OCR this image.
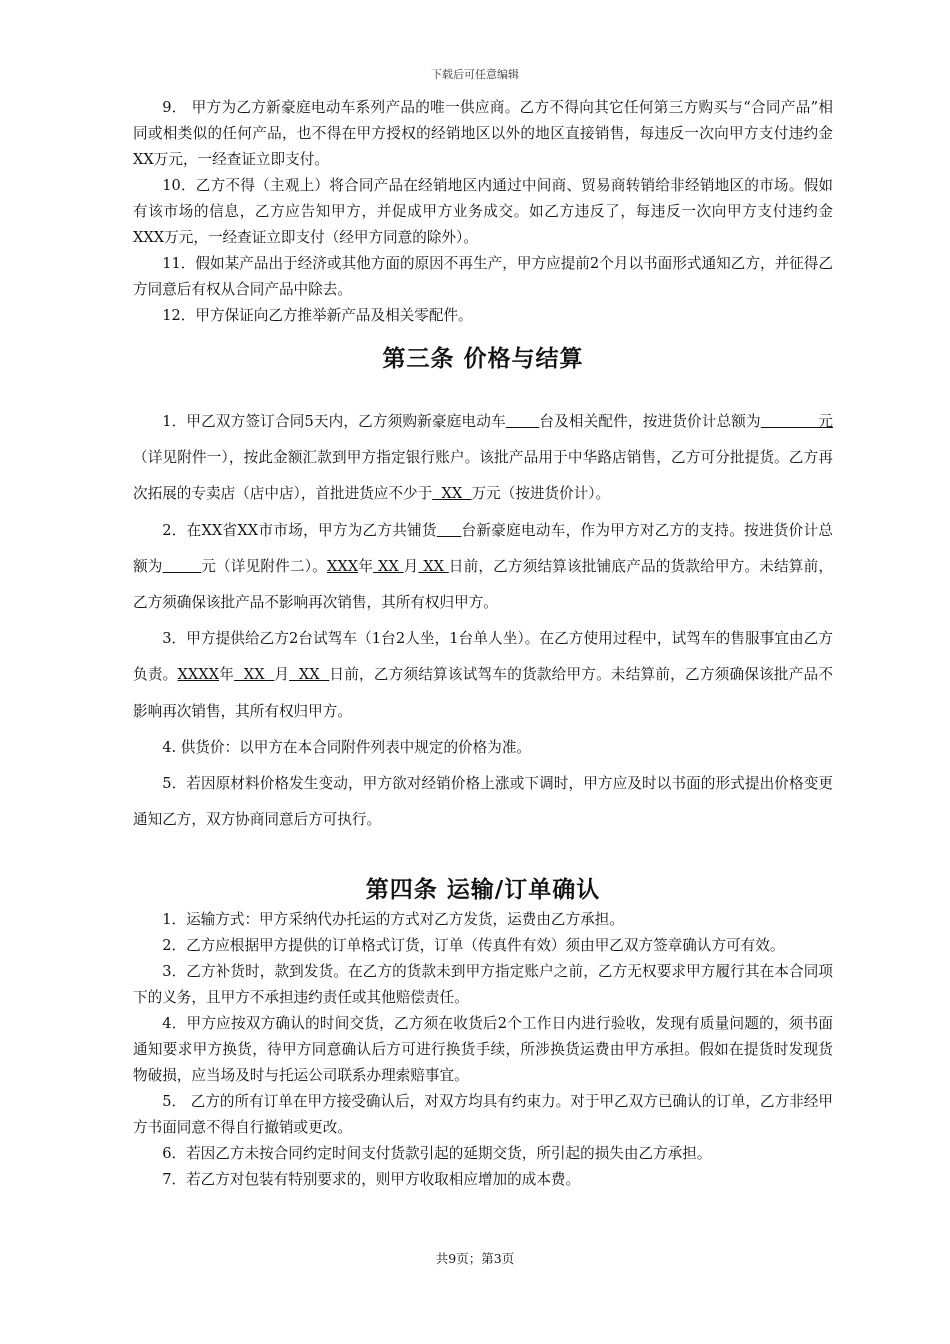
下载后可任意编辑

9． 甲方为乙方新豪庭电动车系列产品的唯一供应商。乙方不得向其它任何第三方购买与“合同产品”相同或相类似的任何产品，也不得在甲方授权的经销地区以外的地区直接销售，每违反一次向甲方支付违约金XX万元，一经查证立即支付。

10．乙方不得（主观上）将合同产品在经销地区内通过中间商、贸易商转销给非经销地区的市场。假如有该市场的信息，乙方应告知甲方，并促成甲方业务成交。如乙方违反了，每违反一次向甲方支付违约金XXX万元，一经查证立即支付（经甲方同意的除外）。

11．假如某产品出于经济或其他方面的原因不再生产，甲方应提前2个月以书面形式通知乙方，并征得乙方同意后有权从合同产品中除去。

12．甲方保证向乙方推举新产品及相关零配件。

第三条 价格与结算

1．甲乙双方签订合同5天内，乙方须购新豪庭电动车 台及相关配件，按进货价计总额为            元（详见附件一），按此金额汇款到甲方指定银行账户。该批产品用于中华路店销售，乙方可分批提货。乙方再次拓展的专卖店（店中店），首批进货应不少于  XX  万元（按进货价计）。

2．在XX省XX市市场，甲方为乙方共铺货 台新豪庭电动车，作为甲方对乙方的支持。按进货价计总额为	元（详见附件二）。XXX年 XX 月 XX 日前，乙方须结算该批铺底产品的货款给甲方。未结算前，乙方须确保该批产品不影响再次销售，其所有权归甲方。

3．甲方提供给乙方2台试驾车（1台2人坐，1台单人坐）。在乙方使用过程中，试驾车的售服事宜由乙方负责。XXXX年  XX  月  XX  日前，乙方须结算该试驾车的货款给甲方。未结算前，乙方须确保该批产品不影响再次销售，其所有权归甲方。

4. 供货价：以甲方在本合同附件列表中规定的价格为准。

5．若因原材料价格发生变动，甲方欲对经销价格上涨或下调时，甲方应及时以书面的形式提出价格变更通知乙方，双方协商同意后方可执行。

第四条 运输/订单确认

1．运输方式：甲方采纳代办托运的方式对乙方发货，运费由乙方承担。

2．乙方应根据甲方提供的订单格式订货，订单（传真件有效）须由甲乙双方签章确认方可有效。

3．乙方补货时，款到发货。在乙方的货款未到甲方指定账户之前，乙方无权要求甲方履行其在本合同项下的义务，且甲方不承担违约责任或其他赔偿责任。

4．甲方应按双方确认的时间交货，乙方须在收货后2个工作日内进行验收，发现有质量问题的，须书面通知要求甲方换货，待甲方同意确认后方可进行换货手续，所涉换货运费由甲方承担。假如在提货时发现货物破损，应当场及时与托运公司联系办理索赔事宜。

5． 乙方的所有订单在甲方接受确认后，对双方均具有约束力。对于甲乙双方已确认的订单，乙方非经甲方书面同意不得自行撤销或更改。

6．若因乙方未按合同约定时间支付货款引起的延期交货，所引起的损失由乙方承担。

7．若乙方对包装有特别要求的，则甲方收取相应增加的成本费。

共9页；第3页
